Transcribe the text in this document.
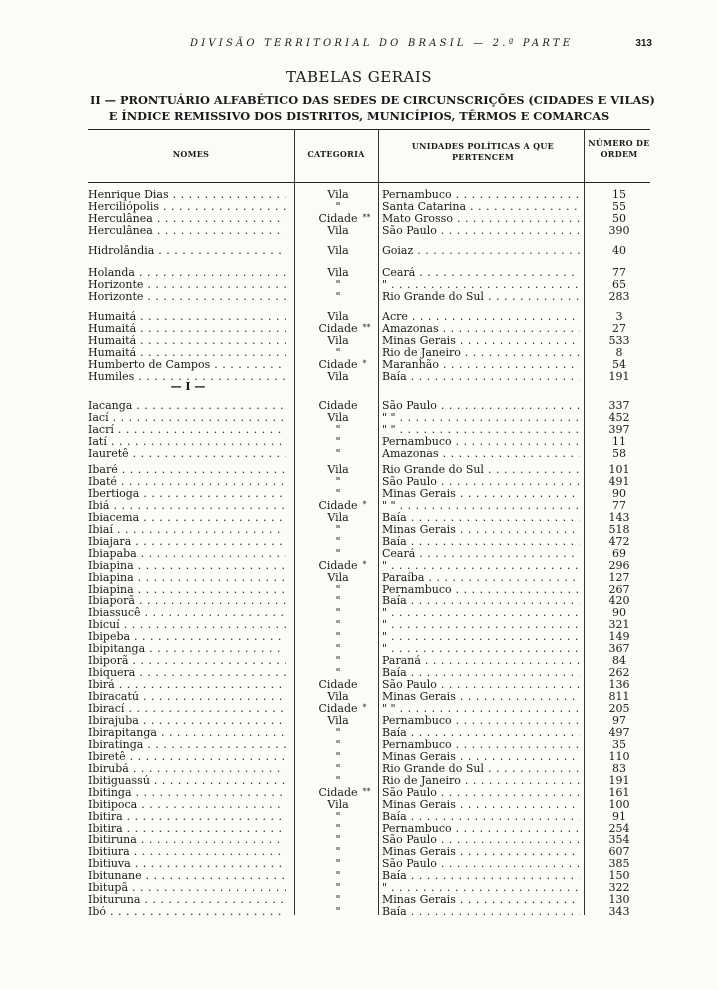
DIVISÃO TERRITORIAL DO BRASIL — 2.ª PARTE	313
TABELAS GERAIS
II — PRONTUÁRIO ALFABÉTICO DAS SEDES DE CIRCUNSCRIÇÕES (CIDADES E VILAS)
E ÍNDICE REMISSIVO DOS DISTRITOS, MUNICÍPIOS, TÊRMOS E COMARCAS
NOMES	CATEGORIA
UNIDADES POLÍTICAS A QUE PERTENCEM
NÚMERO DE ORDEM
— I —
Henrique Dias . . .	Vila	Pernambuco . . .	15
Herciliópolis . . .	"	Santa Catarina . . .	55
Herculânea . . .	Cidade ** Mato Grosso . . .	50
Herculânea . . .	Vila	São Paulo . . .	390
Hidrolândia . . .	Vila	Goiaz . . .	40
Holanda . . .	Vila	Ceará . . .	77
Horizonte . . .	"	" . . .	65
Horizonte . . .	"	Rio Grande do Sul . . .	283
Humaitá . . .	Vila	Acre . . .	3
Humaitá . . .	Cidade ** Amazonas . . .	27
Humaitá . . .	Vila	Minas Gerais . . .	533
Humaitá . . .	"	Rio de Janeiro . . .	8
Humberto de Campos . . .	Cidade * Maranhão . . .	54
Humiles . . .	Vila	Baía . . .	191
Iacanga . . .	Cidade	São Paulo . . .	337
Iací . . .	Vila	" " . . .	452
Iacrí . . .	"	" " . . .	397
Iatí . . .	"	Pernambuco . . .	11
Iauretê . . .	"	Amazonas . . .	58
Ibaré . . .	Vila	Rio Grande do Sul . . .	101
Ibaté . . .	"	São Paulo . . .	491
Ibertioga . . .	"	Minas Gerais . . .	90
Ibiá . . .	Cidade * " " . . .	77
Ibiacema . . .	Vila	Baía . . .	143
Ibiaí . . .	"	Minas Gerais . . .	518
Ibiajara . . .	"	Baía . . .	472
Ibiapaba . . .	"	Ceará . . .	69
Ibiapina . . .	Cidade * " . . .	296
Ibiapina . . .	Vila	Paraíba . . .	127
Ibiapina . . .	"	Pernambuco . . .	267
Ibiaporã . . .	"	Baía . . .	420
Ibiassucê . . .	"	" . . .	90
Ibicuí . . .	"	" . . .	321
Ibipeba . . .	"	" . . .	149
Ibipitanga . . .	"	" . . .	367
Ibiporã . . .	"	Paraná . . .	84
Ibiquera . . .	"	Baía . . .	262
Ibirá . . .	Cidade	São Paulo . . .	136
Ibiracatú . . .	Vila	Minas Gerais . . .	811
Ibirací . . .	Cidade * " " . . .	205
Ibirajuba . . .	Vila	Pernambuco . . .	97
Ibirapitanga . . .	"	Baía . . .	497
Ibiratinga . . .	"	Pernambuco . . .	35
Ibiretê . . .	"	Minas Gerais . . .	110
Ibirubá . . .	"	Rio Grande do Sul . . .	83
Ibitiguassú . . .	"	Rio de Janeiro . . .	191
Ibitinga . . .	Cidade ** São Paulo . . .	161
Ibitipoca . . .	Vila	Minas Gerais . . .	100
Ibitira . . .	"	Baía . . .	91
Ibitira . . .	"	Pernambuco . . .	254
Ibitiruna . . .	"	São Paulo . . .	354
Ibitiura . . .	"	Minas Gerais . . .	607
Ibitiuva . . .	"	São Paulo . . .	385
Ibitunane . . .	"	Baía . . .	150
Ibitupã . . .	"	" . . .	322
Ibituruna . . .	"	Minas Gerais . . .	130
Ibó . . .	"	Baía . . .	343
